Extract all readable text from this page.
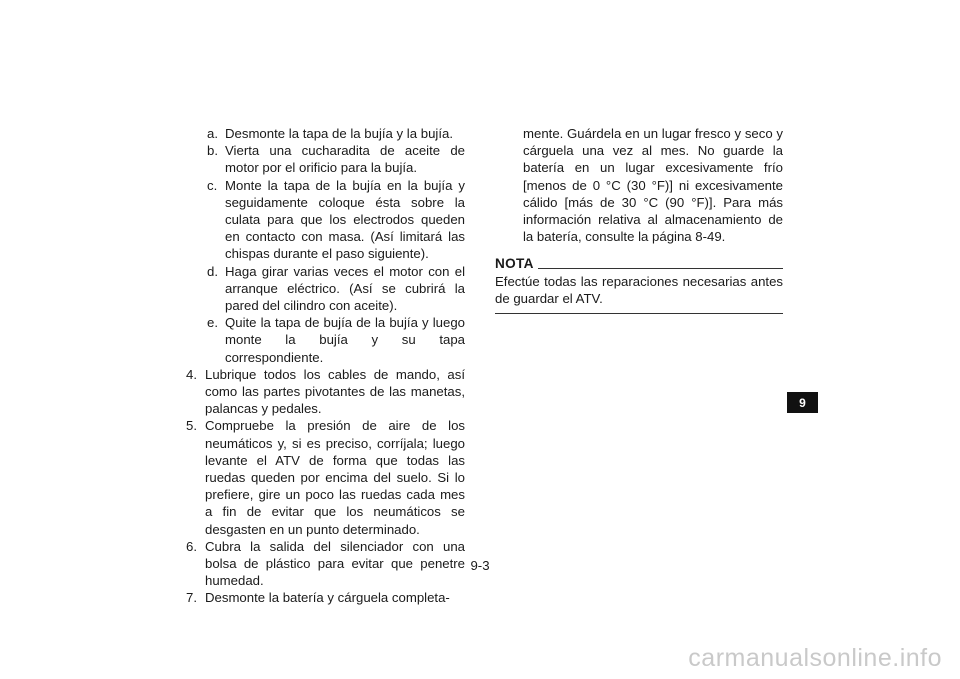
a. Desmonte la tapa de la bujía y la bujía.
b. Vierta una cucharadita de aceite de motor por el orificio para la bujía.
c. Monte la tapa de la bujía en la bujía y seguidamente coloque ésta sobre la culata para que los electrodos queden en contacto con masa. (Así limitará las chispas durante el paso siguiente).
d. Haga girar varias veces el motor con el arranque eléctrico. (Así se cubrirá la pared del cilindro con aceite).
e. Quite la tapa de bujía de la bujía y luego monte la bujía y su tapa correspondiente.
4. Lubrique todos los cables de mando, así como las partes pivotantes de las manetas, palancas y pedales.
5. Compruebe la presión de aire de los neumáticos y, si es preciso, corríjala; luego levante el ATV de forma que todas las ruedas queden por encima del suelo. Si lo prefiere, gire un poco las ruedas cada mes a fin de evitar que los neumáticos se desgasten en un punto determinado.
6. Cubra la salida del silenciador con una bolsa de plástico para evitar que penetre humedad.
7. Desmonte la batería y cárguela completa-
mente. Guárdela en un lugar fresco y seco y cárguela una vez al mes. No guarde la batería en un lugar excesivamente frío [menos de 0 °C (30 °F)] ni excesivamente cálido [más de 30 °C (90 °F)]. Para más información relativa al almacenamiento de la batería, consulte la página 8-49.
NOTA
Efectúe todas las reparaciones necesarias antes de guardar el ATV.
9-3
9
carmanualsonline.info
